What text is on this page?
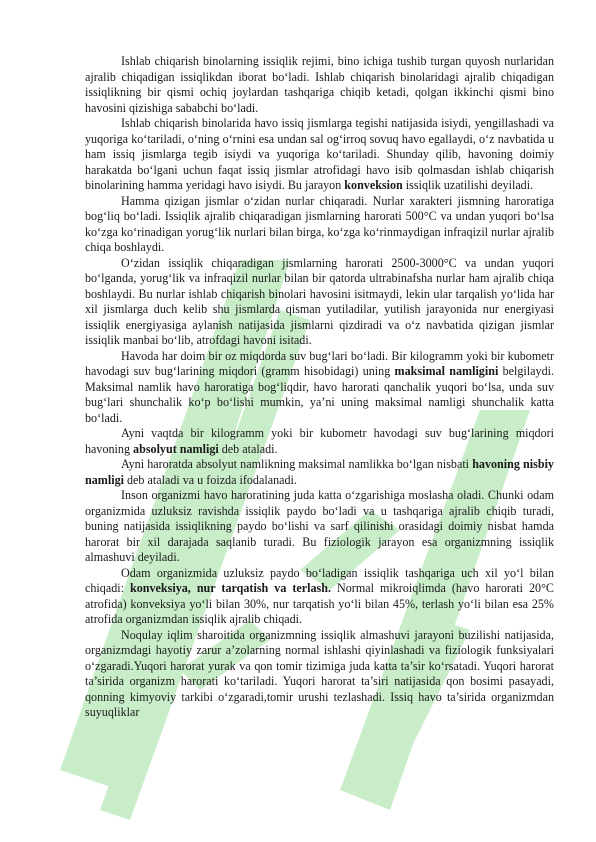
Ishlab chiqarish binolarning issiqlik rejimi, bino ichiga tushib turgan quyosh nurlaridan ajralib chiqadigan issiqlikdan iborat bo‘ladi. Ishlab chiqarish binolaridagi ajralib chiqadigan issiqlikning bir qismi ochiq joylardan tashqariga chiqib ketadi, qolgan ikkinchi qismi bino havosini qizishiga sababchi bo‘ladi.

Ishlab chiqarish binolarida havo issiq jismlarga tegishi natijasida isiydi, yengillashadi va yuqoriga ko‘tariladi, o‘ning o‘rnini esa undan sal og‘irroq sovuq havo egallaydi, o‘z navbatida u ham issiq jismlarga tegib isiydi va yuqoriga ko‘tariladi. Shunday qilib, havoning doimiy harakatda bo‘lgani uchun faqat issiq jismlar atrofidagi havo isib qolmasdan ishlab chiqarish binolarining hamma yeridagi havo isiydi. Bu jarayon konveksion issiqlik uzatilishi deyiladi.

Hamma qizigan jismlar o‘zidan nurlar chiqaradi. Nurlar xarakteri jismning haroratiga bog‘liq bo‘ladi. Issiqlik ajralib chiqaradigan jismlarning harorati 500°C va undan yuqori bo‘lsa ko‘zga ko‘rinadigan yorug‘lik nurlari bilan birga, ko‘zga ko‘rinmaydigan infraqizil nurlar ajralib chiqa boshlaydi.

O‘zidan issiqlik chiqaradigan jismlarning harorati 2500-3000°C va undan yuqori bo‘lganda, yorug‘lik va infraqizil nurlar bilan bir qatorda ultrabinafsha nurlar ham ajralib chiqa boshlaydi. Bu nurlar ishlab chiqarish binolari havosini isitmaydi, lekin ular tarqalish yo‘lida har xil jismlarga duch kelib shu jismlarda qisman yutiladilar, yutilish jarayonida nur energiyasi issiqlik energiyasiga aylanish natijasida jismlarni qizdiradi va o‘z navbatida qizigan jismlar issiqlik manbai bo‘lib, atrofdagi havoni isitadi.

Havoda har doim bir oz miqdorda suv bug‘lari bo‘ladi. Bir kilogramm yoki bir kubometr havodagi suv bug‘larining miqdori (gramm hisobidagi) uning maksimal namligini belgilaydi. Maksimal namlik havo haroratiga bog‘liqdir, havo harorati qanchalik yuqori bo‘lsa, unda suv bug‘lari shunchalik ko‘p bo‘lishi mumkin, ya’ni uning maksimal namligi shunchalik katta bo‘ladi.

Ayni vaqtda bir kilogramm yoki bir kubometr havodagi suv bug‘larining miqdori havoning absolyut namligi deb ataladi.

Ayni haroratda absolyut namlikning maksimal namlikka bo‘lgan nisbati havoning nisbiy namligi deb ataladi va u foizda ifodalanadi.

Inson organizmi havo haroratining juda katta o‘zgarishiga moslasha oladi. Chunki odam organizmida uzluksiz ravishda issiqlik paydo bo‘ladi va u tashqariga ajralib chiqib turadi, buning natijasida issiqlikning paydo bo‘lishi va sarf qilinishi orasidagi doimiy nisbat hamda harorat bir xil darajada saqlanib turadi. Bu fiziologik jarayon esa organizmning issiqlik almashuvi deyiladi.

Odam organizmida uzluksiz paydo bo‘ladigan issiqlik tashqariga uch xil yo‘l bilan chiqadi: konveksiya, nur tarqatish va terlash. Normal mikroiqlimda (havo harorati 20°C atrofida) konveksiya yo‘li bilan 30%, nur tarqatish yo‘li bilan 45%, terlash yo‘li bilan esa 25% atrofida organizmdan issiqlik ajralib chiqadi.

Noqulay iqlim sharoitida organizmning issiqlik almashuvi jarayoni buzilishi natijasida, organizmdagi hayotiy zarur a’zolarning normal ishlashi qiyinlashadi va fiziologik funksiyalari o‘zgaradi.Yuqori harorat yurak va qon tomir tizimiga juda katta ta’sir ko‘rsatadi. Yuqori harorat ta’sirida organizm harorati ko‘tariladi. Yuqori harorat ta’siri natijasida qon bosimi pasayadi, qonning kimyoviy tarkibi o‘zgaradi,tomir urushi tezlashadi. Issiq havo ta’sirida organizmdan suyuqliklar
